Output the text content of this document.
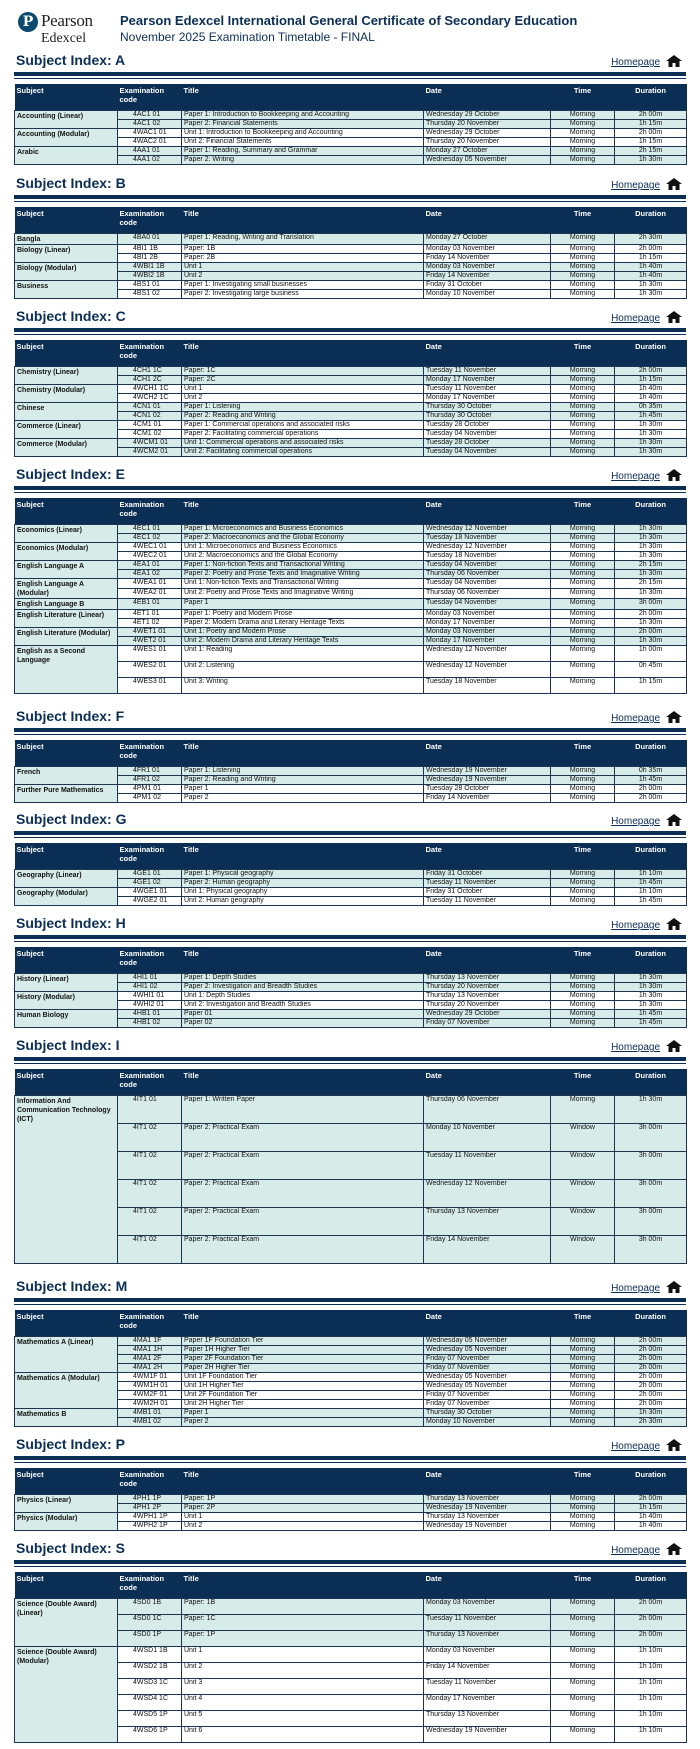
P Pearson
Edexcel
Pearson Edexcel International General Certificate of Secondary Education
November 2025 Examination Timetable - FINAL
Subject Index: A	Homepage
Subject	Examination code	Title	Date	Time	Duration
Accounting (Linear)	4AC1 01	Paper 1: Introduction to Bookkeeping and Accounting	Wednesday 29 October	Morning	2h 00m
	4AC1 02	Paper 2: Financial Statements	Thursday 20 November	Morning	1h 15m
Accounting (Modular)	4WAC1 01	Unit 1: Introduction to Bookkeeping and Accounting	Wednesday 29 October	Morning	2h 00m
	4WAC2 01	Unit 2: Financial Statements	Thursday 20 November	Morning	1h 15m
Arabic	4AA1 01	Paper 1: Reading, Summary and Grammar	Monday 27 October	Morning	2h 15m
	4AA1 02	Paper 2: Writing	Wednesday 05 November	Morning	1h 30m
Subject Index: B	Homepage
Subject	Examination code	Title	Date	Time	Duration
Bangla	4BA0 01	Paper 1: Reading, Writing and Translation	Monday 27 October	Morning	2h 30m
Biology (Linear)	4BI1 1B	Paper: 1B	Monday 03 November	Morning	2h 00m
	4BI1 2B	Paper: 2B	Friday 14 November	Morning	1h 15m
Biology (Modular)	4WBI1 1B	Unit 1	Monday 03 November	Morning	1h 40m
	4WBI2 1B	Unit 2	Friday 14 November	Morning	1h 40m
Business	4BS1 01	Paper 1: Investigating small businesses	Friday 31 October	Morning	1h 30m
	4BS1 02	Paper 2: Investigating large business	Monday 10 November	Morning	1h 30m
Subject Index: C	Homepage
Subject	Examination code	Title	Date	Time	Duration
Chemistry (Linear)	4CH1 1C	Paper: 1C	Tuesday 11 November	Morning	2h 00m
	4CH1 2C	Paper: 2C	Monday 17 November	Morning	1h 15m
Chemistry (Modular)	4WCH1 1C	Unit 1	Tuesday 11 November	Morning	1h 40m
	4WCH2 1C	Unit 2	Monday 17 November	Morning	1h 40m
Chinese	4CN1 01	Paper 1: Listening	Thursday 30 October	Morning	0h 35m
	4CN1 02	Paper 2: Reading and Writing	Thursday 30 October	Morning	1h 45m
Commerce (Linear)	4CM1 01	Paper 1: Commercial operations and associated risks	Tuesday 28 October	Morning	1h 30m
	4CM1 02	Paper 2: Facilitating commercial operations	Tuesday 04 November	Morning	1h 30m
Commerce (Modular)	4WCM1 01	Unit 1: Commercial operations and associated risks	Tuesday 28 October	Morning	1h 30m
	4WCM2 01	Unit 2: Facilitating commercial operations	Tuesday 04 November	Morning	1h 30m
Subject Index: E	Homepage
Subject	Examination code	Title	Date	Time	Duration
Economics (Linear)	4EC1 01	Paper 1: Microeconomics and Business Economics	Wednesday 12 November	Morning	1h 30m
	4EC1 02	Paper 2: Macroeconomics and the Global Economy	Tuesday 18 November	Morning	1h 30m
Economics (Modular)	4WEC1 01	Unit 1: Microeconomics and Business Economics	Wednesday 12 November	Morning	1h 30m
	4WEC2 01	Unit 2: Macroeconomics and the Global Economy	Tuesday 18 November	Morning	1h 30m
English Language A	4EA1 01	Paper 1: Non-fiction Texts and Transactional Writing	Tuesday 04 November	Morning	2h 15m
	4EA1 02	Paper 2: Poetry and Prose Texts and Imaginative Writing	Thursday 06 November	Morning	1h 30m
English Language A (Modular)	4WEA1 01	Unit 1: Non-fiction Texts and Transactional Writing	Tuesday 04 November	Morning	2h 15m
	4WEA2 01	Unit 2: Poetry and Prose Texts and Imaginative Writing	Thursday 06 November	Morning	1h 30m
English Language B	4EB1 01	Paper 1	Tuesday 04 November	Morning	3h 00m
English Literature (Linear)	4ET1 01	Paper 1: Poetry and Modern Prose	Monday 03 November	Morning	2h 00m
	4ET1 02	Paper 2: Modern Drama and Literary Heritage Texts	Monday 17 November	Morning	1h 30m
English Literature (Modular)	4WET1 01	Unit 1: Poetry and Modern Prose	Monday 03 November	Morning	2h 00m
	4WET2 01	Unit 2: Modern Drama and Literary Heritage Texts	Monday 17 November	Morning	1h 30m
English as a Second Language	4WES1 01	Unit 1: Reading	Wednesday 12 November	Morning	1h 00m
	4WES2 01	Unit 2: Listening	Wednesday 12 November	Morning	0h 45m
	4WES3 01	Unit 3: Writing	Tuesday 18 November	Morning	1h 15m
Subject Index: F	Homepage
Subject	Examination code	Title	Date	Time	Duration
French	4FR1 01	Paper 1: Listening	Wednesday 19 November	Morning	0h 35m
	4FR1 02	Paper 2: Reading and Writing	Wednesday 19 November	Morning	1h 45m
Further Pure Mathematics	4PM1 01	Paper 1	Tuesday 28 October	Morning	2h 00m
	4PM1 02	Paper 2	Friday 14 November	Morning	2h 00m
Subject Index: G	Homepage
Subject	Examination code	Title	Date	Time	Duration
Geography (Linear)	4GE1 01	Paper 1: Physical geography	Friday 31 October	Morning	1h 10m
	4GE1 02	Paper 2: Human geography	Tuesday 11 November	Morning	1h 45m
Geography (Modular)	4WGE1 01	Unit 1: Physical geography	Friday 31 October	Morning	1h 10m
	4WGE2 01	Unit 2: Human geography	Tuesday 11 November	Morning	1h 45m
Subject Index: H	Homepage
Subject	Examination code	Title	Date	Time	Duration
History (Linear)	4HI1 01	Paper 1: Depth Studies	Thursday 13 November	Morning	1h 30m
	4HI1 02	Paper 2: Investigation and Breadth Studies	Thursday 20 November	Morning	1h 30m
History (Modular)	4WHI1 01	Unit 1: Depth Studies	Thursday 13 November	Morning	1h 30m
	4WHI2 01	Unit 2: Investigation and Breadth Studies	Thursday 20 November	Morning	1h 30m
Human Biology	4HB1 01	Paper 01	Wednesday 29 October	Morning	1h 45m
	4HB1 02	Paper 02	Friday 07 November	Morning	1h 45m
Subject Index: I	Homepage
Subject	Examination code	Title	Date	Time	Duration
Information And Communication Technology (ICT)	4IT1 01	Paper 1: Written Paper	Thursday 06 November	Morning	1h 30m
	4IT1 02	Paper 2: Practical Exam	Monday 10 November	Window	3h 00m
	4IT1 02	Paper 2: Practical Exam	Tuesday 11 November	Window	3h 00m
	4IT1 02	Paper 2: Practical Exam	Wednesday 12 November	Window	3h 00m
	4IT1 02	Paper 2: Practical Exam	Thursday 13 November	Window	3h 00m
	4IT1 02	Paper 2: Practical Exam	Friday 14 November	Window	3h 00m
Subject Index: M	Homepage
Subject	Examination code	Title	Date	Time	Duration
Mathematics A (Linear)	4MA1 1F	Paper 1F Foundation Tier	Wednesday 05 November	Morning	2h 00m
	4MA1 1H	Paper 1H Higher Tier	Wednesday 05 November	Morning	2h 00m
	4MA1 2F	Paper 2F Foundation Tier	Friday 07 November	Morning	2h 00m
	4MA1 2H	Paper 2H Higher Tier	Friday 07 November	Morning	2h 00m
Mathematics A (Modular)	4WM1F 01	Unit 1F Foundation Tier	Wednesday 05 November	Morning	2h 00m
	4WM1H 01	Unit 1H Higher Tier	Wednesday 05 November	Morning	2h 00m
	4WM2F 01	Unit 2F Foundation Tier	Friday 07 November	Morning	2h 00m
	4WM2H 01	Unit 2H Higher Tier	Friday 07 November	Morning	2h 00m
Mathematics B	4MB1 01	Paper 1	Thursday 30 October	Morning	1h 30m
	4MB1 02	Paper 2	Monday 10 November	Morning	2h 30m
Subject Index: P	Homepage
Subject	Examination code	Title	Date	Time	Duration
Physics (Linear)	4PH1 1P	Paper: 1P	Thursday 13 November	Morning	2h 00m
	4PH1 2P	Paper: 2P	Wednesday 19 November	Morning	1h 15m
Physics (Modular)	4WPH1 1P	Unit 1	Thursday 13 November	Morning	1h 40m
	4WPH2 1P	Unit 2	Wednesday 19 November	Morning	1h 40m
Subject Index: S	Homepage
Subject	Examination code	Title	Date	Time	Duration
Science (Double Award) (Linear)	4SD0 1B	Paper: 1B	Monday 03 November	Morning	2h 00m
	4SD0 1C	Paper: 1C	Tuesday 11 November	Morning	2h 00m
	4SD0 1P	Paper: 1P	Thursday 13 November	Morning	2h 00m
Science (Double Award) (Modular)	4WSD1 1B	Unit 1	Monday 03 November	Morning	1h 10m
	4WSD2 1B	Unit 2	Friday 14 November	Morning	1h 10m
	4WSD3 1C	Unit 3	Tuesday 11 November	Morning	1h 10m
	4WSD4 1C	Unit 4	Monday 17 November	Morning	1h 10m
	4WSD5 1P	Unit 5	Thursday 13 November	Morning	1h 10m
	4WSD6 1P	Unit 6	Wednesday 19 November	Morning	1h 10m
